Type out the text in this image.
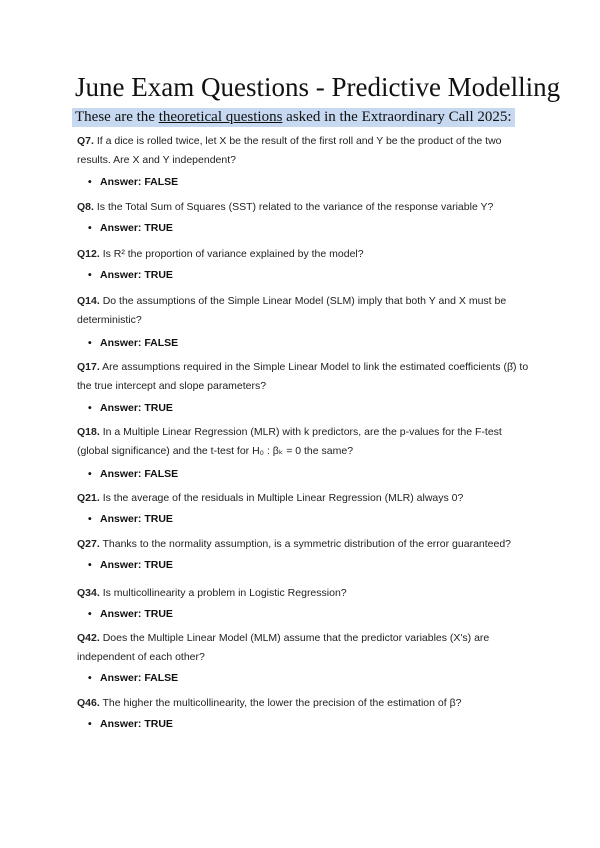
June Exam Questions - Predictive Modelling
These are the theoretical questions asked in the Extraordinary Call 2025:
Q7. If a dice is rolled twice, let X be the result of the first roll and Y be the product of the two results. Are X and Y independent?
• Answer: FALSE
Q8. Is the Total Sum of Squares (SST) related to the variance of the response variable Y?
• Answer: TRUE
Q12. Is R² the proportion of variance explained by the model?
• Answer: TRUE
Q14. Do the assumptions of the Simple Linear Model (SLM) imply that both Y and X must be deterministic?
• Answer: FALSE
Q17. Are assumptions required in the Simple Linear Model to link the estimated coefficients (β̂) to the true intercept and slope parameters?
• Answer: TRUE
Q18. In a Multiple Linear Regression (MLR) with k predictors, are the p-values for the F-test (global significance) and the t-test for H₀ : βₖ = 0 the same?
• Answer: FALSE
Q21. Is the average of the residuals in Multiple Linear Regression (MLR) always 0?
• Answer: TRUE
Q27. Thanks to the normality assumption, is a symmetric distribution of the error guaranteed?
• Answer: TRUE
Q34. Is multicollinearity a problem in Logistic Regression?
• Answer: TRUE
Q42. Does the Multiple Linear Model (MLM) assume that the predictor variables (X's) are independent of each other?
• Answer: FALSE
Q46. The higher the multicollinearity, the lower the precision of the estimation of β?
• Answer: TRUE
